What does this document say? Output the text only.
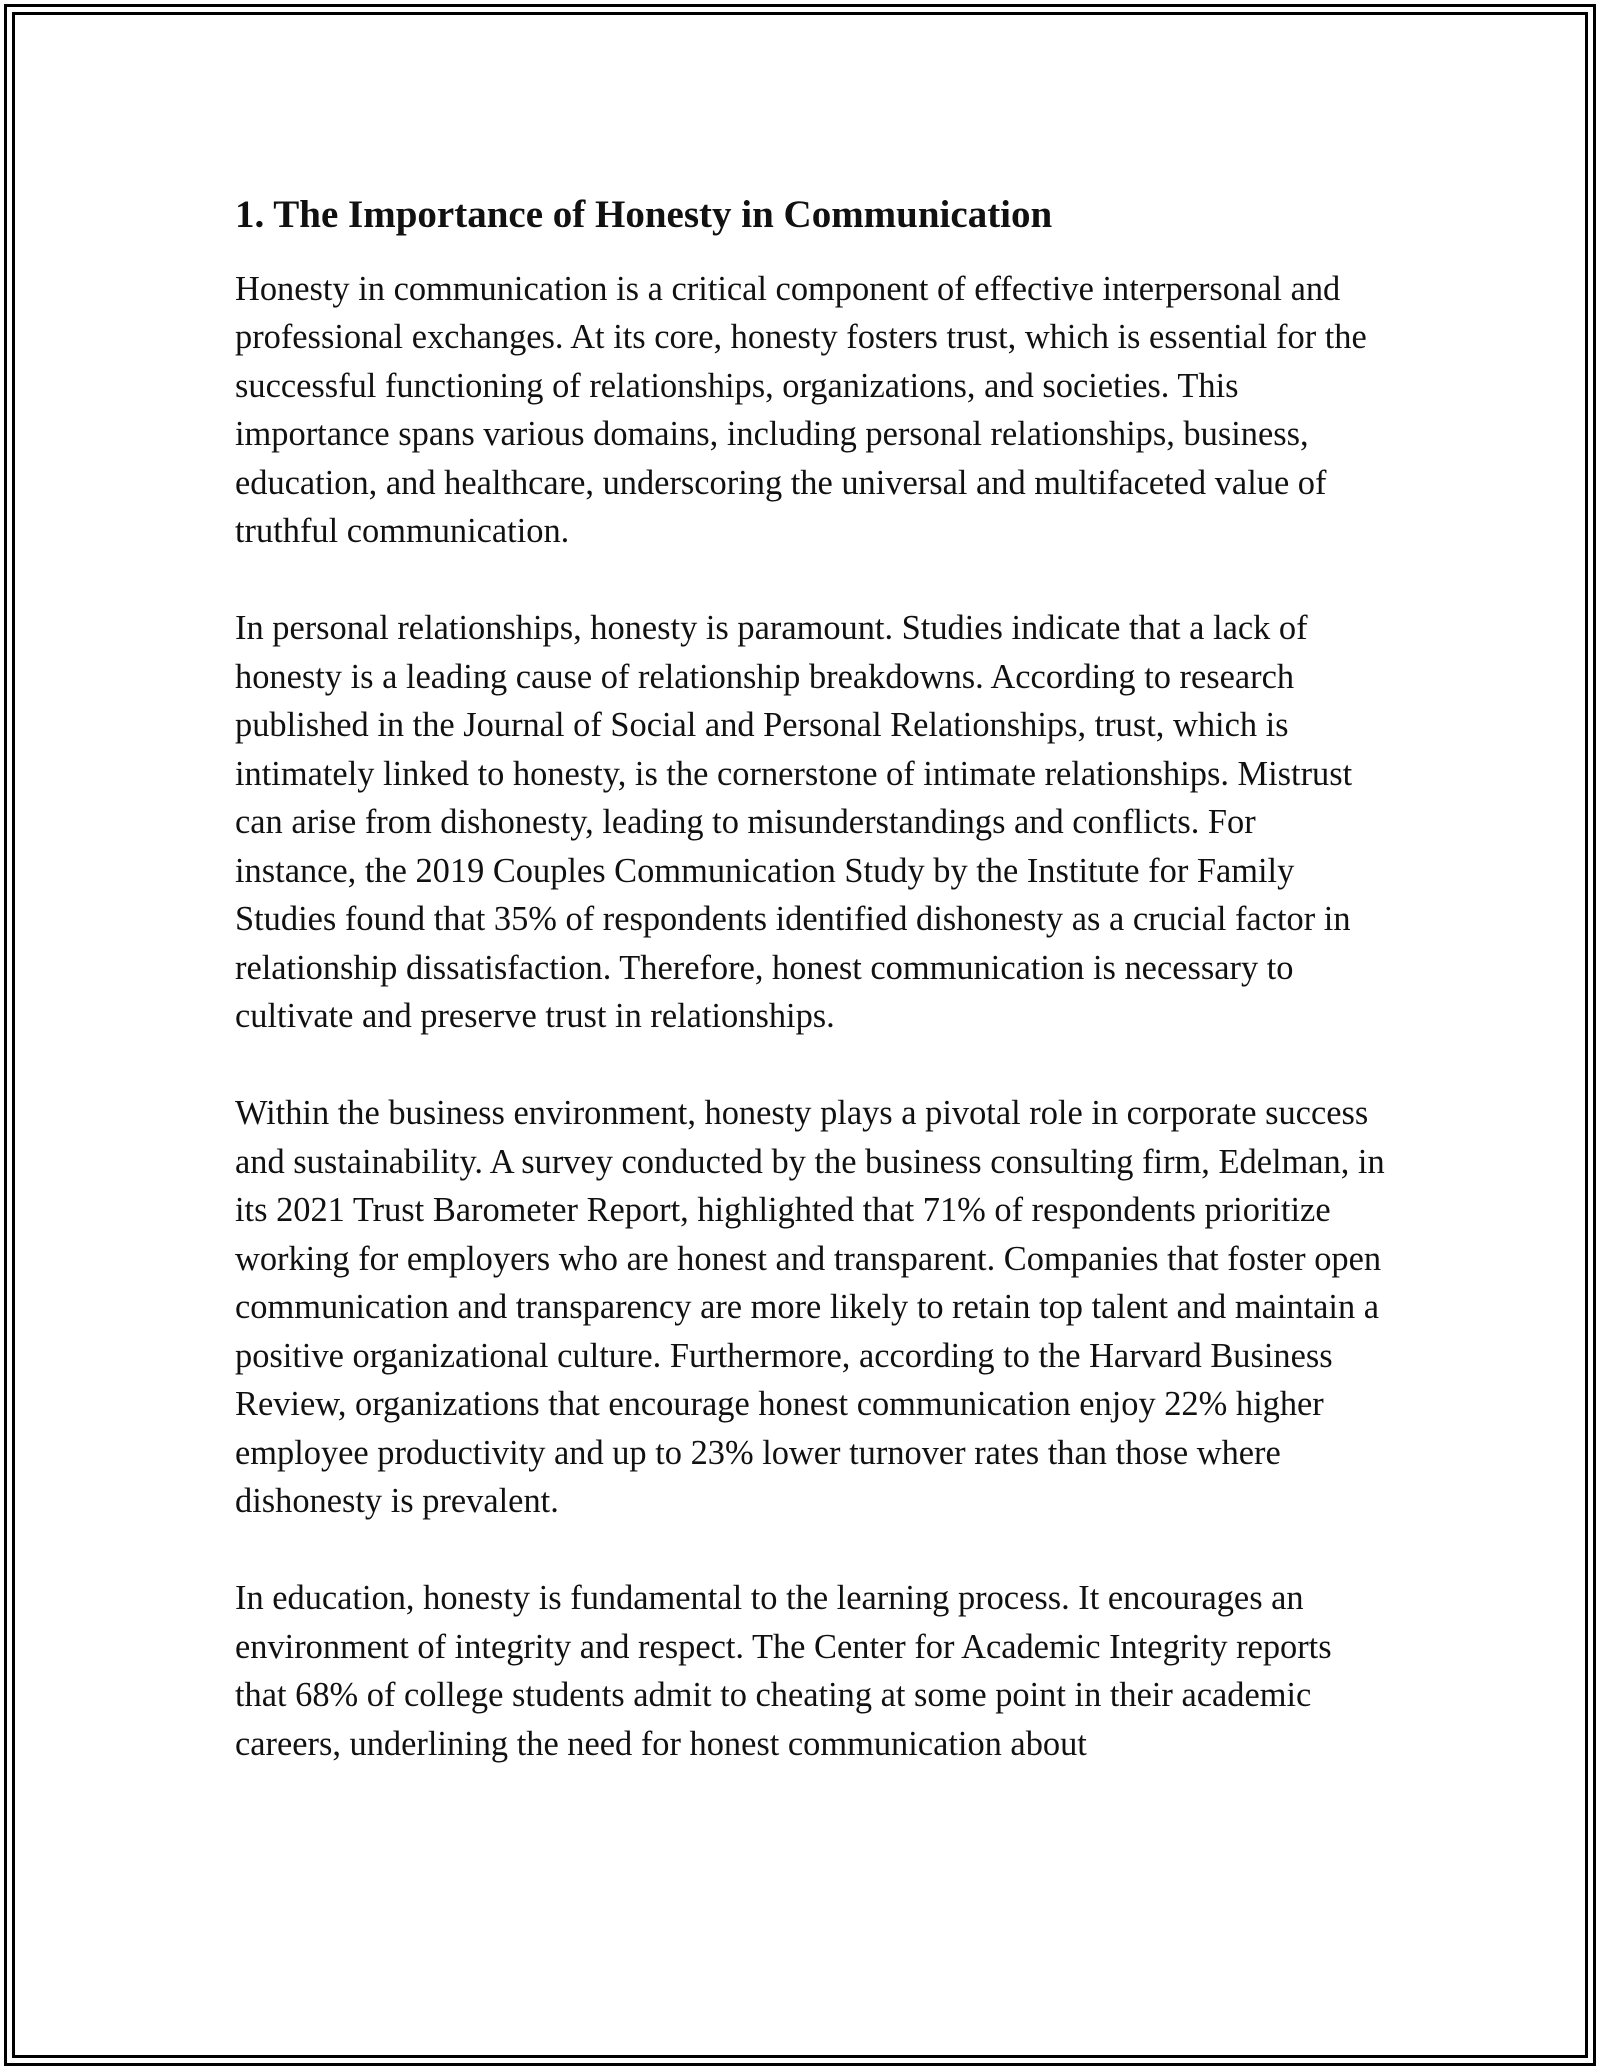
1. The Importance of Honesty in Communication

Honesty in communication is a critical component of effective interpersonal and professional exchanges. At its core, honesty fosters trust, which is essential for the successful functioning of relationships, organizations, and societies. This importance spans various domains, including personal relationships, business, education, and healthcare, underscoring the universal and multifaceted value of truthful communication.

In personal relationships, honesty is paramount. Studies indicate that a lack of honesty is a leading cause of relationship breakdowns. According to research published in the Journal of Social and Personal Relationships, trust, which is intimately linked to honesty, is the cornerstone of intimate relationships. Mistrust can arise from dishonesty, leading to misunderstandings and conflicts. For instance, the 2019 Couples Communication Study by the Institute for Family Studies found that 35% of respondents identified dishonesty as a crucial factor in relationship dissatisfaction. Therefore, honest communication is necessary to cultivate and preserve trust in relationships.

Within the business environment, honesty plays a pivotal role in corporate success and sustainability. A survey conducted by the business consulting firm, Edelman, in its 2021 Trust Barometer Report, highlighted that 71% of respondents prioritize working for employers who are honest and transparent. Companies that foster open communication and transparency are more likely to retain top talent and maintain a positive organizational culture. Furthermore, according to the Harvard Business Review, organizations that encourage honest communication enjoy 22% higher employee productivity and up to 23% lower turnover rates than those where dishonesty is prevalent.

In education, honesty is fundamental to the learning process. It encourages an environment of integrity and respect. The Center for Academic Integrity reports that 68% of college students admit to cheating at some point in their academic careers, underlining the need for honest communication about
